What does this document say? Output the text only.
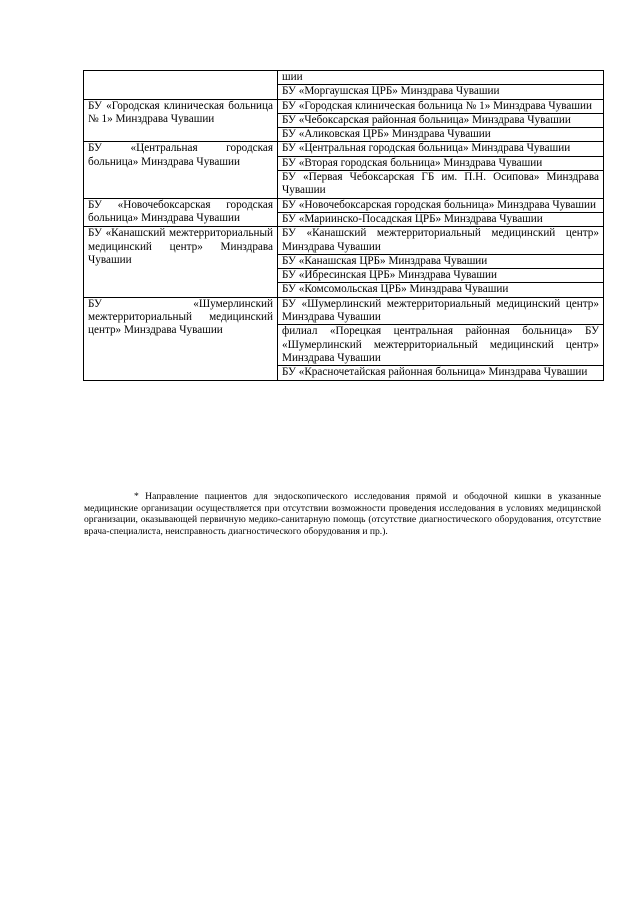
	шии
	БУ «Моргаушская ЦРБ» Минздрава Чувашии
БУ «Городская клиническая больница № 1» Минздрава Чувашии	БУ «Городская клиническая больница № 1» Минздрава Чувашии
	БУ «Чебоксарская районная больница» Минздрава Чувашии
	БУ «Аликовская ЦРБ» Минздрава Чувашии
БУ «Центральная городская больница» Минздрава Чувашии	БУ «Центральная городская больница» Минздрава Чувашии
	БУ «Вторая городская больница» Минздрава Чувашии
	БУ «Первая Чебоксарская ГБ им. П.Н. Осипова» Минздрава Чувашии
БУ «Новочебоксарская городская больница» Минздрава Чувашии	БУ «Новочебоксарская городская больница» Минздрава Чувашии
	БУ «Мариинско-Посадская ЦРБ» Минздрава Чувашии
БУ «Канашский межтерриториальный медицинский центр» Минздрава Чувашии	БУ «Канашский межтерриториальный медицинский центр» Минздрава Чувашии
	БУ «Канашская ЦРБ» Минздрава Чувашии
	БУ «Ибресинская ЦРБ» Минздрава Чувашии
	БУ «Комсомольская ЦРБ» Минздрава Чувашии
БУ «Шумерлинский межтерриториальный медицинский центр» Минздрава Чувашии	БУ «Шумерлинский межтерриториальный медицинский центр» Минздрава Чувашии
	филиал «Порецкая центральная районная больница» БУ «Шумерлинский межтерриториальный медицинский центр» Минздрава Чувашии
	БУ «Красночетайская районная больница» Минздрава Чувашии
* Направление пациентов для эндоскопического исследования прямой и ободочной кишки в указанные медицинские организации осуществляется при отсутствии возможности проведения исследования в условиях медицинской организации, оказывающей первичную медико-санитарную помощь (отсутствие диагностического оборудования, отсутствие врача-специалиста, неисправность диагностического оборудования и пр.).
